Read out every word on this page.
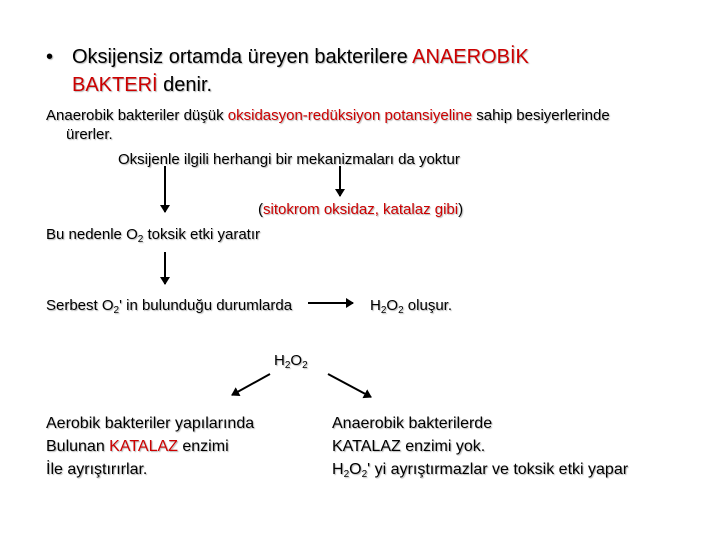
• Oksijensiz ortamda üreyen bakterilere ANAEROBİK
BAKTERİ denir.
Anaerobik bakteriler düşük oksidasyon-redüksiyon potansiyeline sahip besiyerlerinde
ürerler.
Oksijenle ilgili herhangi bir mekanizmaları da yoktur
(sitokrom oksidaz, katalaz gibi)
Bu nedenle $O_2$ toksik etki yaratır
Serbest $O_2'$ in bulunduğu durumlarda	$H_2O_2$ oluşur.
$H_2O_2$
Aerobik bakteriler yapılarında
Bulunan KATALAZ enzimi
İle ayrıştırırlar.
Anaerobik bakterilerde
KATALAZ enzimi yok.
$H_2O_2'$ yi ayrıştırmazlar ve toksik etki yapar
